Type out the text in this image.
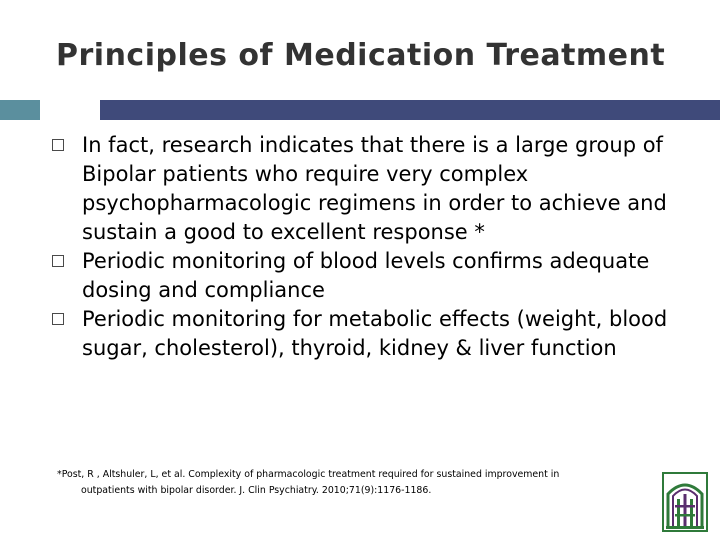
Principles of Medication Treatment
In fact, research indicates that there is a large group of Bipolar patients who require very complex psychopharmacologic regimens in order to achieve and sustain a good to excellent response *
Periodic monitoring of blood levels confirms adequate dosing and compliance
Periodic monitoring for metabolic effects (weight, blood sugar, cholesterol), thyroid, kidney & liver function
*Post, R , Altshuler, L, et al. Complexity of pharmacologic treatment required for sustained improvement in
outpatients with bipolar disorder. J. Clin Psychiatry. 2010;71(9):1176-1186.
